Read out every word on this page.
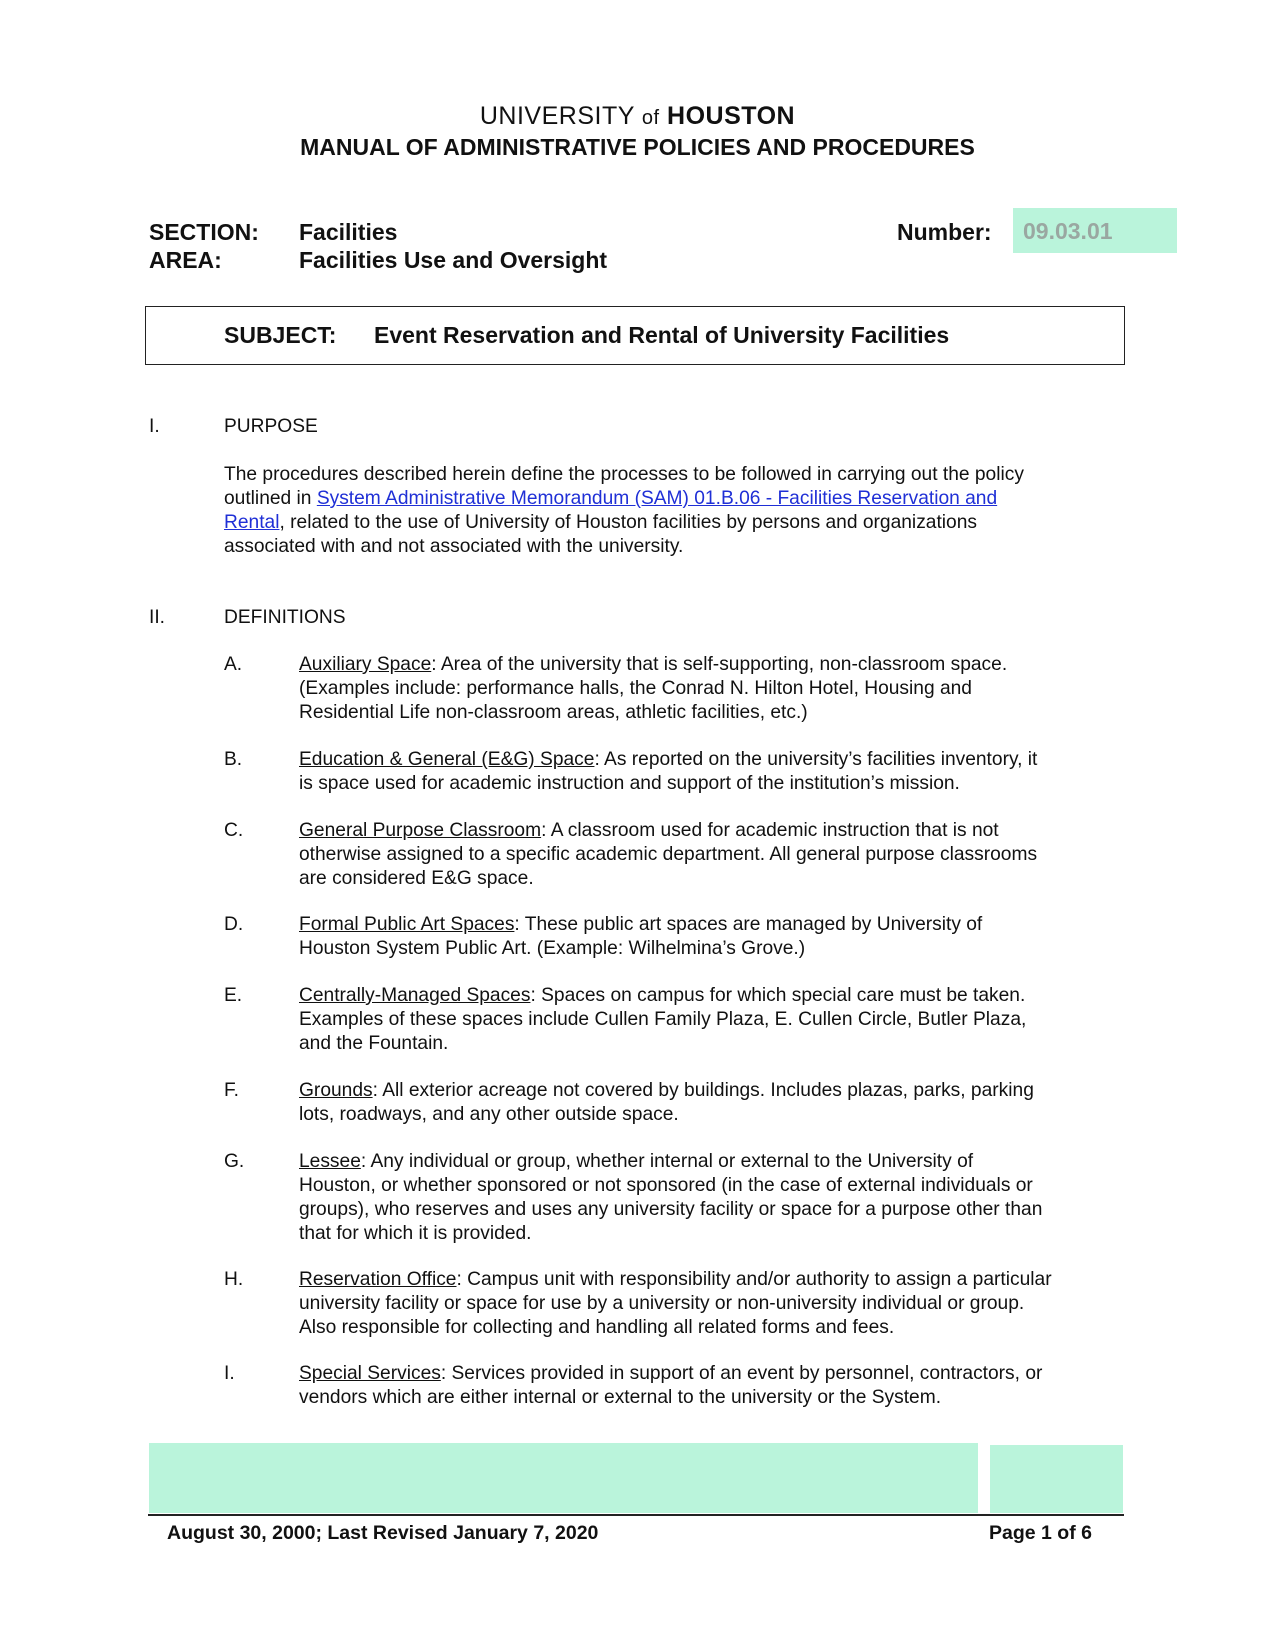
UNIVERSITY of HOUSTON
MANUAL OF ADMINISTRATIVE POLICIES AND PROCEDURES
SECTION: Facilities
AREA:	Facilities Use and Oversight
Number:	09.03.01
SUBJECT: Event Reservation and Rental of University Facilities
I.	PURPOSE
The procedures described herein define the processes to be followed in carrying out the policy
outlined in System Administrative Memorandum (SAM) 01.B.06 - Facilities Reservation and
Rental, related to the use of University of Houston facilities by persons and organizations
associated with and not associated with the university.
II.	DEFINITIONS
A.	Auxiliary Space: Area of the university that is self-supporting, non-classroom space.
(Examples include: performance halls, the Conrad N. Hilton Hotel, Housing and
Residential Life non-classroom areas, athletic facilities, etc.)
B.	Education & General (E&G) Space: As reported on the university’s facilities inventory, it
is space used for academic instruction and support of the institution’s mission.
C.	General Purpose Classroom: A classroom used for academic instruction that is not
otherwise assigned to a specific academic department. All general purpose classrooms
are considered E&G space.
D.	Formal Public Art Spaces: These public art spaces are managed by University of
Houston System Public Art. (Example: Wilhelmina’s Grove.)
E.	Centrally-Managed Spaces: Spaces on campus for which special care must be taken.
Examples of these spaces include Cullen Family Plaza, E. Cullen Circle, Butler Plaza,
and the Fountain.
F.	Grounds: All exterior acreage not covered by buildings. Includes plazas, parks, parking
lots, roadways, and any other outside space.
G.	Lessee: Any individual or group, whether internal or external to the University of
Houston, or whether sponsored or not sponsored (in the case of external individuals or
groups), who reserves and uses any university facility or space for a purpose other than
that for which it is provided.
H.	Reservation Office: Campus unit with responsibility and/or authority to assign a particular
university facility or space for use by a university or non-university individual or group.
Also responsible for collecting and handling all related forms and fees.
I.	Special Services: Services provided in support of an event by personnel, contractors, or
vendors which are either internal or external to the university or the System.
August 30, 2000; Last Revised January 7, 2020	Page 1 of 6
